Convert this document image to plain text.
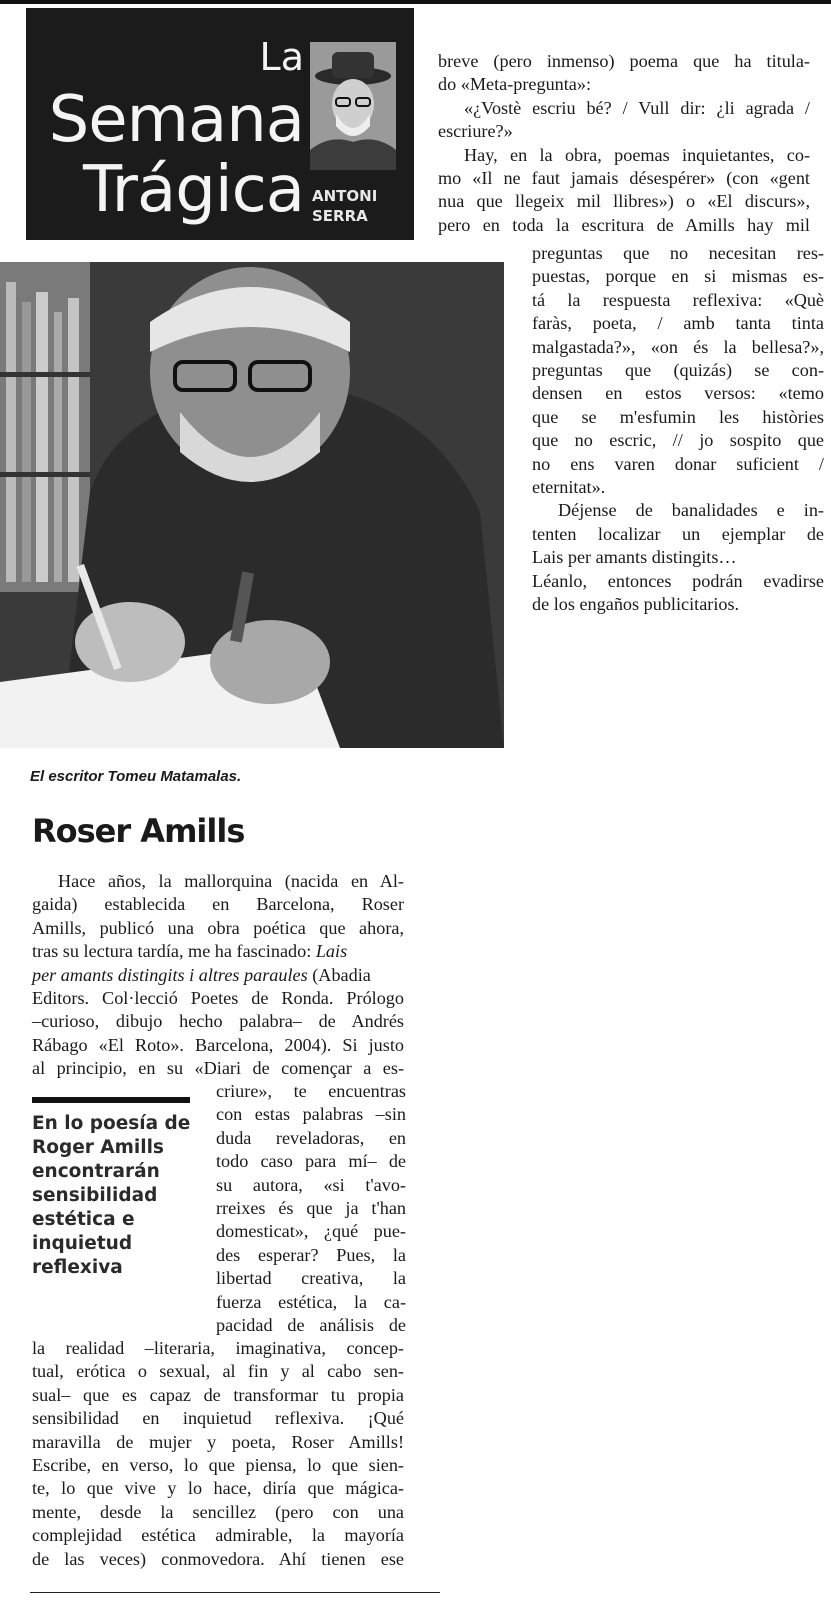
La
Semana
Trágica ANTONI
SERRA
El escritor Tomeu Matamalas.
breve (pero inmenso) poema que ha titula-
do «Meta-pregunta»:
«¿Vostè escriu bé? / Vull dir: ¿li agrada /
escriure?»
Hay, en la obra, poemas inquietantes, co-
mo «Il ne faut jamais désespérer» (con «gent
nua que llegeix mil llibres») o «El discurs»,
pero en toda la escritura de Amills hay mil
preguntas que no necesitan res-
puestas, porque en si mismas es-
tá la respuesta reflexiva: «Què
faràs, poeta, / amb tanta tinta
malgastada?», «on és la bellesa?»,
preguntas que (quizás) se con-
densen en estos versos: «temo
que se m'esfumin les històries
que no escric, // jo sospito que
no ens varen donar suficient /
eternitat».
Déjense de banalidades e in-
tenten localizar un ejemplar de
Lais per amants distingits…
Léanlo, entonces podrán evadirse
de los engaños publicitarios.
Roser Amills
Hace años, la mallorquina (nacida en Al-
gaida) establecida en Barcelona, Roser
Amills, publicó una obra poética que ahora,
tras su lectura tardía, me ha fascinado: Lais
per amants distingits i altres paraules (Abadia
Editors. Col·lecció Poetes de Ronda. Prólogo
–curioso, dibujo hecho palabra– de Andrés
Rábago «El Roto». Barcelona, 2004). Si justo
al principio, en su «Diari de començar a es-
En lo poesía de
Roger Amills
encontrarán
sensibilidad
estética e
inquietud
reflexiva
criure», te encuentras
con estas palabras –sin
duda reveladoras, en
todo caso para mí– de
su autora, «si t'avo-
rreixes és que ja t'han
domesticat», ¿qué pue-
des esperar? Pues, la
libertad creativa, la
fuerza estética, la ca-
pacidad de análisis de
la realidad –literaria, imaginativa, concep-
tual, erótica o sexual, al fin y al cabo sen-
sual– que es capaz de transformar tu propia
sensibilidad en inquietud reflexiva. ¡Qué
maravilla de mujer y poeta, Roser Amills!
Escribe, en verso, lo que piensa, lo que sien-
te, lo que vive y lo hace, diría que mágica-
mente, desde la sencillez (pero con una
complejidad estética admirable, la mayoría
de las veces) conmovedora. Ahí tienen ese
